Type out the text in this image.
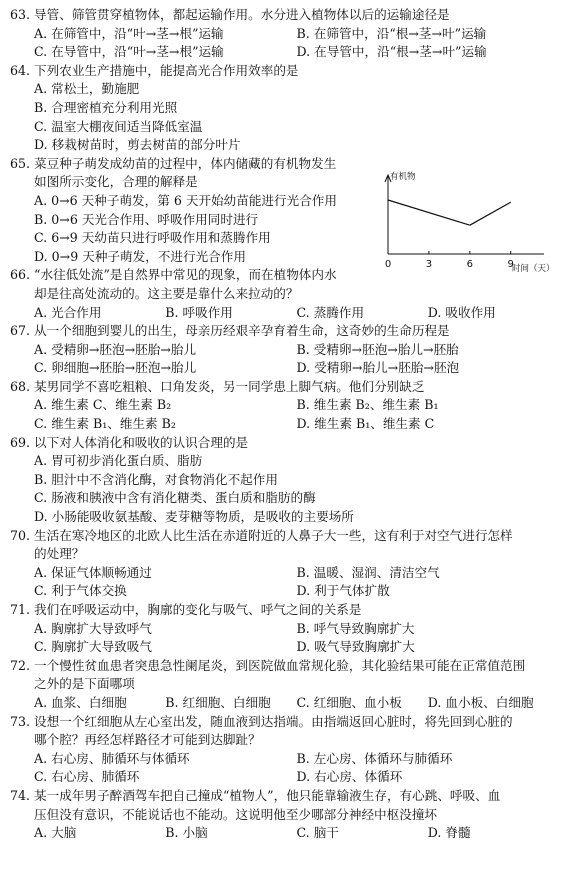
63. 导管、筛管贯穿植物体，都起运输作用。水分进入植物体以后的运输途径是
A. 在筛管中，沿“叶→茎→根”运输	B. 在筛管中，沿“根→茎→叶”运输
C. 在导管中，沿“叶→茎→根”运输	D. 在导管中，沿“根→茎→叶”运输
64. 下列农业生产措施中，能提高光合作用效率的是
A. 常松土，勤施肥
B. 合理密植充分利用光照
C. 温室大棚夜间适当降低室温
D. 移栽树苗时，剪去树苗的部分叶片
65. 菜豆种子萌发成幼苗的过程中，体内储藏的有机物发生
如图所示变化，合理的解释是
A. 0→6 天种子萌发，第 6 天开始幼苗能进行光合作用
B. 0→6 天光合作用、呼吸作用同时进行
C. 6→9 天幼苗只进行呼吸作用和蒸腾作用
D. 0→9 天种子萌发，不进行光合作用
66. “水往低处流”是自然界中常见的现象，而在植物体内水
却是往高处流动的。这主要是靠什么来拉动的？
A. 光合作用	B. 呼吸作用	C. 蒸腾作用	D. 吸收作用
67. 从一个细胞到婴儿的出生，母亲历经艰辛孕育着生命，这奇妙的生命历程是
A. 受精卵→胚泡→胚胎→胎儿	B. 受精卵→胚泡→胎儿→胚胎
C. 卵细胞→胚胎→胚泡→胎儿	D. 受精卵→胎儿→胚胎→胚泡
68. 某男同学不喜吃粗粮、口角发炎，另一同学患上脚气病。他们分别缺乏
A. 维生素 C、维生素 B₂	B. 维生素 B₂、维生素 B₁
C. 维生素 B₁、维生素 B₂	D. 维生素 B₁、维生素 C
69. 以下对人体消化和吸收的认识合理的是
A. 胃可初步消化蛋白质、脂肪
B. 胆汁中不含消化酶，对食物消化不起作用
C. 肠液和胰液中含有消化糖类、蛋白质和脂肪的酶
D. 小肠能吸收氨基酸、麦芽糖等物质，是吸收的主要场所
70. 生活在寒冷地区的北欧人比生活在赤道附近的人鼻子大一些，这有利于对空气进行怎样
的处理？
A. 保证气体顺畅通过	B. 温暖、湿润、清洁空气
C. 利于气体交换	D. 利于气体扩散
71. 我们在呼吸运动中，胸廓的变化与吸气、呼气之间的关系是
A. 胸廓扩大导致呼气	B. 呼气导致胸廓扩大
C. 胸廓扩大导致吸气	D. 吸气导致胸廓扩大
72. 一个慢性贫血患者突患急性阑尾炎，到医院做血常规化验，其化验结果可能在正常值范围
之外的是下面哪项
A. 血浆、白细胞	B. 红细胞、白细胞	C. 红细胞、血小板	D. 血小板、白细胞
73. 设想一个红细胞从左心室出发，随血液到达指端。由指端返回心脏时，将先回到心脏的
哪个腔？再经怎样路径才可能到达脚趾？
A. 右心房、肺循环与体循环	B. 左心房、体循环与肺循环
C. 右心房、肺循环	D. 右心房、体循环
74. 某一成年男子醉酒驾车把自己撞成“植物人”，他只能靠输液生存，有心跳、呼吸、血
压但没有意识，不能说话也不能动。这说明他至少哪部分神经中枢没撞坏
A. 大脑	B. 小脑	C. 脑干	D. 脊髓
0	3	6	9
有机物
时间（天）
